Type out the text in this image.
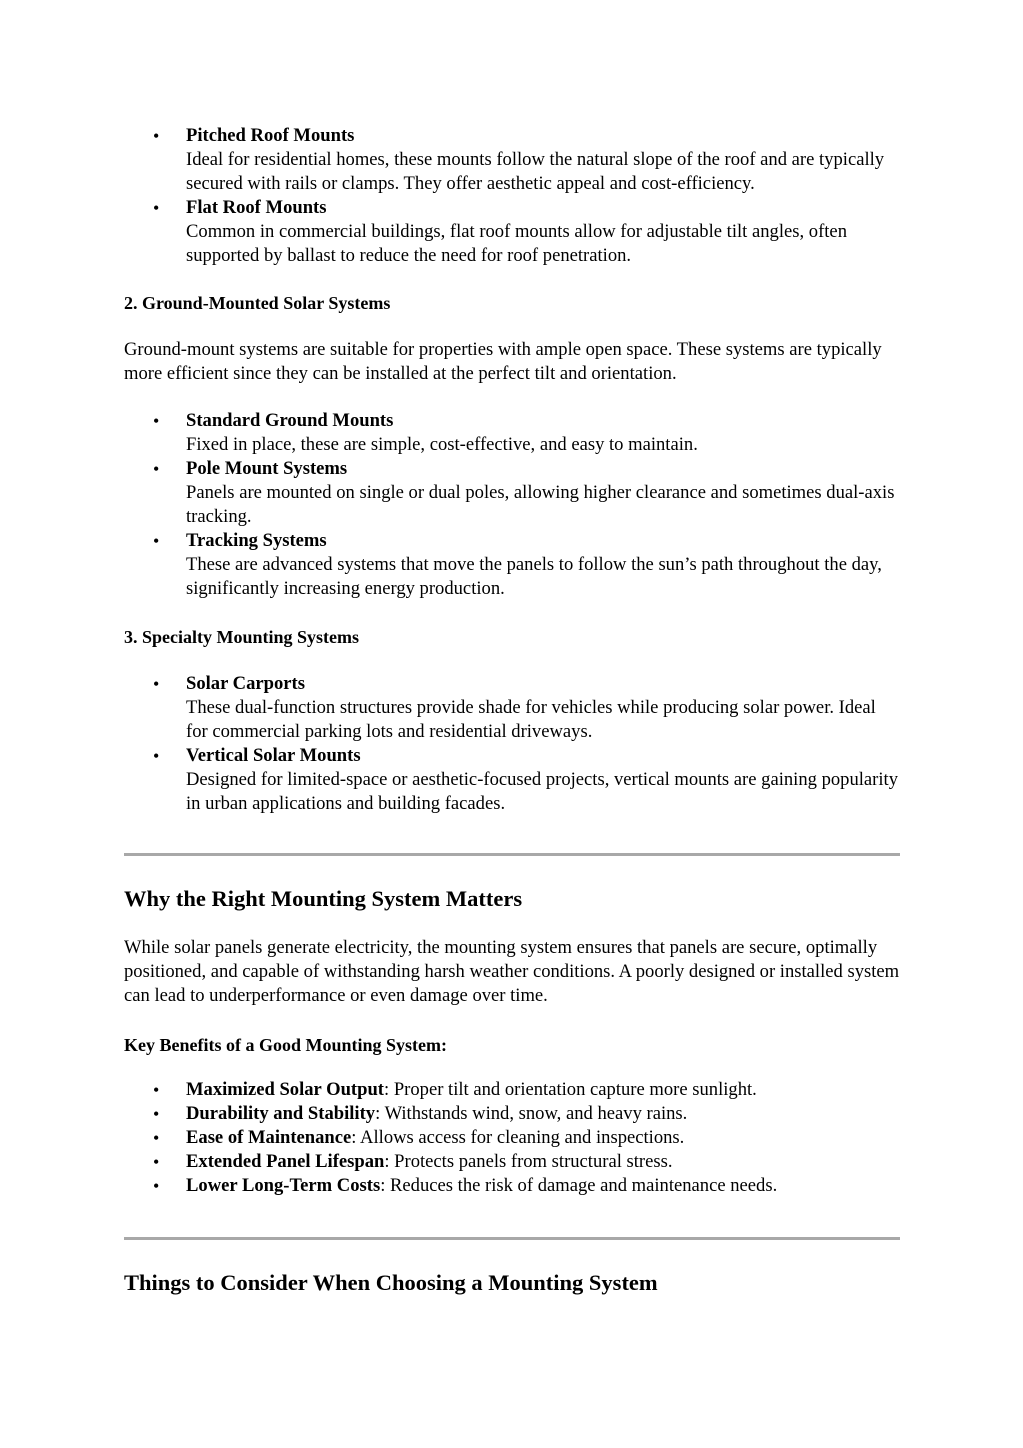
• Pitched Roof Mounts
Ideal for residential homes, these mounts follow the natural slope of the roof and are typically secured with rails or clamps. They offer aesthetic appeal and cost-efficiency.
• Flat Roof Mounts
Common in commercial buildings, flat roof mounts allow for adjustable tilt angles, often supported by ballast to reduce the need for roof penetration.
2. Ground-Mounted Solar Systems

Ground-mount systems are suitable for properties with ample open space. These systems are typically more efficient since they can be installed at the perfect tilt and orientation.

• Standard Ground Mounts
Fixed in place, these are simple, cost-effective, and easy to maintain.
• Pole Mount Systems
Panels are mounted on single or dual poles, allowing higher clearance and sometimes dual-axis tracking.
• Tracking Systems
These are advanced systems that move the panels to follow the sun’s path throughout the day, significantly increasing energy production.
3. Specialty Mounting Systems
• Solar Carports
These dual-function structures provide shade for vehicles while producing solar power. Ideal for commercial parking lots and residential driveways.
• Vertical Solar Mounts
Designed for limited-space or aesthetic-focused projects, vertical mounts are gaining popularity in urban applications and building facades.
Why the Right Mounting System Matters

While solar panels generate electricity, the mounting system ensures that panels are secure, optimally positioned, and capable of withstanding harsh weather conditions. A poorly designed or installed system can lead to underperformance or even damage over time.

Key Benefits of a Good Mounting System:
• Maximized Solar Output: Proper tilt and orientation capture more sunlight.
• Durability and Stability: Withstands wind, snow, and heavy rains.
• Ease of Maintenance: Allows access for cleaning and inspections.
• Extended Panel Lifespan: Protects panels from structural stress.
• Lower Long-Term Costs: Reduces the risk of damage and maintenance needs.
Things to Consider When Choosing a Mounting System
